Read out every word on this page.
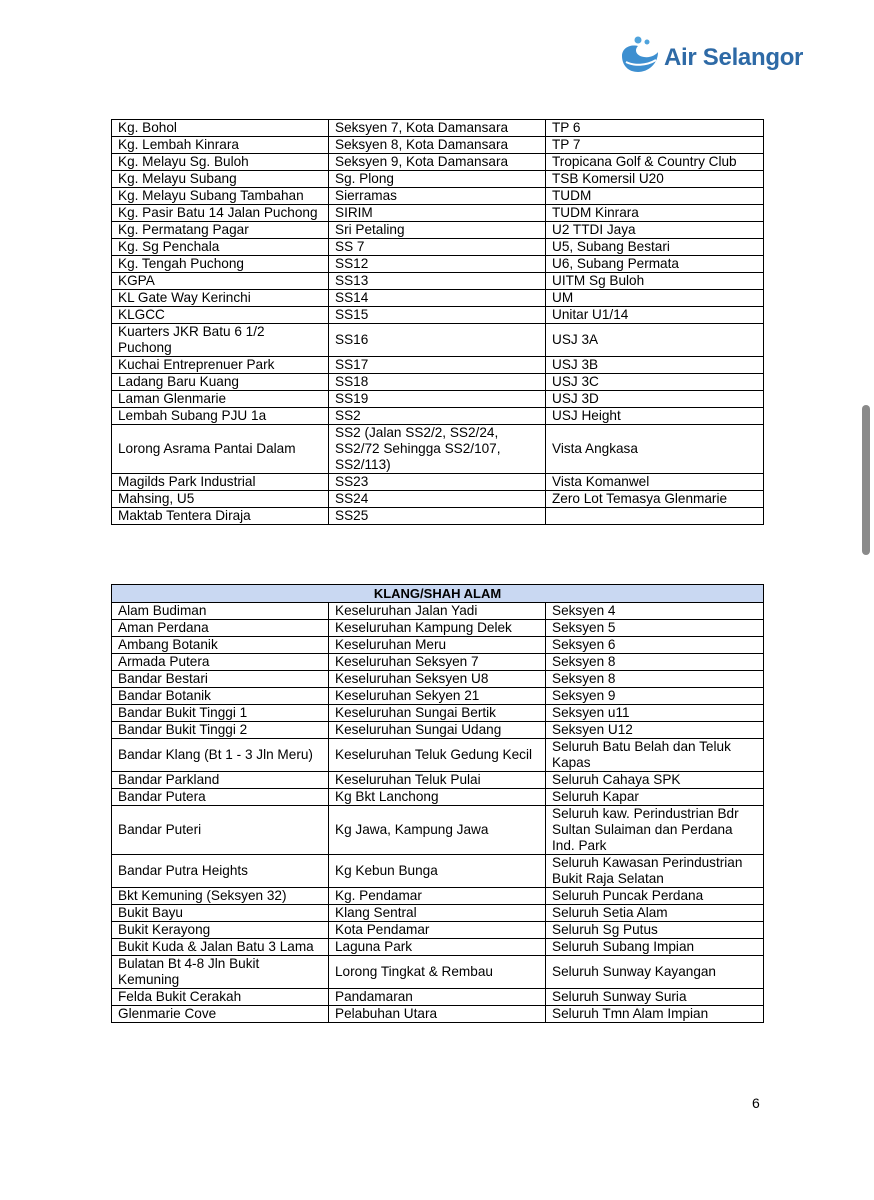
Air Selangor
Kg. Bohol	Seksyen 7, Kota Damansara	TP 6
Kg. Lembah Kinrara	Seksyen 8, Kota Damansara	TP 7
Kg. Melayu Sg. Buloh	Seksyen 9, Kota Damansara	Tropicana Golf & Country Club
Kg. Melayu Subang	Sg. Plong	TSB Komersil U20
Kg. Melayu Subang Tambahan	Sierramas	TUDM
Kg. Pasir Batu 14 Jalan Puchong	SIRIM	TUDM Kinrara
Kg. Permatang Pagar	Sri Petaling	U2 TTDI Jaya
Kg. Sg Penchala	SS 7	U5, Subang Bestari
Kg. Tengah Puchong	SS12	U6, Subang Permata
KGPA	SS13	UITM Sg Buloh
KL Gate Way Kerinchi	SS14	UM
KLGCC	SS15	Unitar U1/14
Kuarters JKR Batu 6 1/2 Puchong	SS16	USJ 3A
Kuchai Entreprenuer Park	SS17	USJ 3B
Ladang Baru Kuang	SS18	USJ 3C
Laman Glenmarie	SS19	USJ 3D
Lembah Subang PJU 1a	SS2	USJ Height
Lorong Asrama Pantai Dalam	SS2 (Jalan SS2/2, SS2/24, SS2/72 Sehingga SS2/107, SS2/113)	Vista Angkasa
Magilds Park Industrial	SS23	Vista Komanwel
Mahsing, U5	SS24	Zero Lot Temasya Glenmarie
Maktab Tentera Diraja	SS25	
KLANG/SHAH ALAM		
Alam Budiman	Keseluruhan Jalan Yadi	Seksyen 4
Aman Perdana	Keseluruhan Kampung Delek	Seksyen 5
Ambang Botanik	Keseluruhan Meru	Seksyen 6
Armada Putera	Keseluruhan Seksyen 7	Seksyen 8
Bandar Bestari	Keseluruhan Seksyen U8	Seksyen 8
Bandar Botanik	Keseluruhan Sekyen 21	Seksyen 9
Bandar Bukit Tinggi 1	Keseluruhan Sungai Bertik	Seksyen u11
Bandar Bukit Tinggi 2	Keseluruhan Sungai Udang	Seksyen U12
Bandar Klang (Bt 1 - 3 Jln Meru)	Keseluruhan Teluk Gedung Kecil	Seluruh Batu Belah dan Teluk Kapas
Bandar Parkland	Keseluruhan Teluk Pulai	Seluruh Cahaya SPK
Bandar Putera	Kg Bkt Lanchong	Seluruh Kapar
Bandar Puteri	Kg Jawa, Kampung Jawa	Seluruh kaw. Perindustrian Bdr Sultan Sulaiman dan Perdana Ind. Park
Bandar Putra Heights	Kg Kebun Bunga	Seluruh Kawasan Perindustrian Bukit Raja Selatan
Bkt Kemuning (Seksyen 32)	Kg. Pendamar	Seluruh Puncak Perdana
Bukit Bayu	Klang Sentral	Seluruh Setia Alam
Bukit Kerayong	Kota Pendamar	Seluruh Sg Putus
Bukit Kuda & Jalan Batu 3 Lama	Laguna Park	Seluruh Subang Impian
Bulatan Bt 4-8 Jln Bukit Kemuning	Lorong Tingkat & Rembau	Seluruh Sunway Kayangan
Felda Bukit Cerakah	Pandamaran	Seluruh Sunway Suria
Glenmarie Cove	Pelabuhan Utara	Seluruh Tmn Alam Impian
6
